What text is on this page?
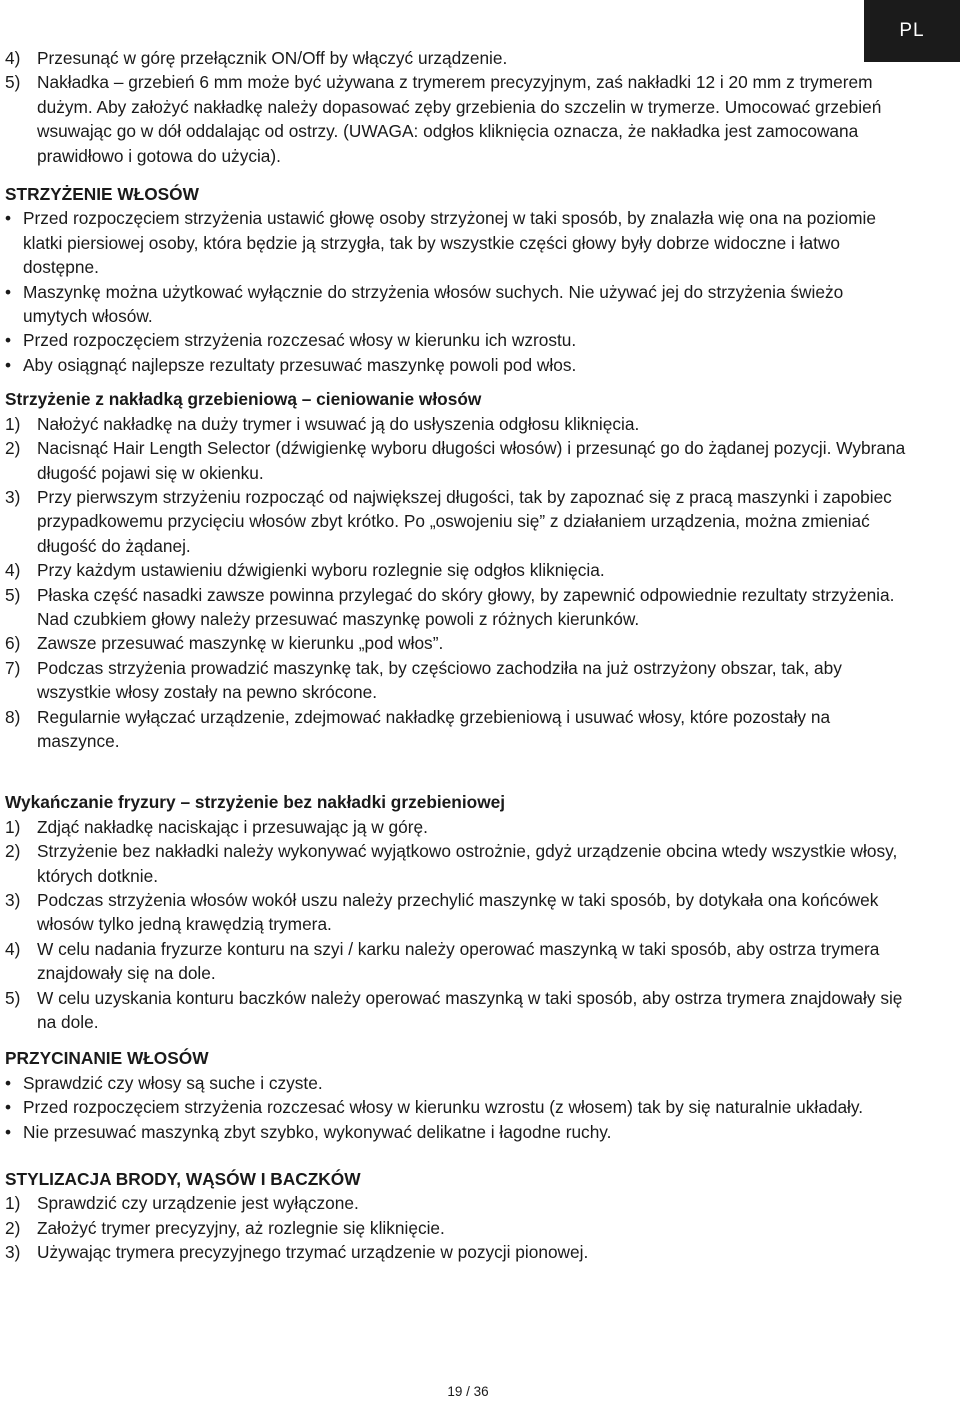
PL
4) Przesunąć w górę przełącznik ON/Off by włączyć urządzenie.
5) Nakładka – grzebień 6 mm może być używana z trymerem precyzyjnym, zaś nakładki 12 i 20 mm z trymerem dużym. Aby założyć nakładkę należy dopasować zęby grzebienia do szczelin w trymerze. Umocować grzebień wsuwając go w dół oddalając od ostrzy. (UWAGA: odgłos kliknięcia oznacza, że nakładka jest zamocowana prawidłowo i gotowa do użycia).

STRZYŻENIE WŁOSÓW

• Przed rozpoczęciem strzyżenia ustawić głowę osoby strzyżonej w taki sposób, by znalazła wię ona na poziomie klatki piersiowej osoby, która będzie ją strzygła, tak by wszystkie części głowy były dobrze widoczne i łatwo dostępne.
• Maszynkę można użytkować wyłącznie do strzyżenia włosów suchych. Nie używać jej do strzyżenia świeżo umytych włosów.
• Przed rozpoczęciem strzyżenia rozczesać włosy w kierunku ich wzrostu.
• Aby osiągnąć najlepsze rezultaty przesuwać maszynkę powoli pod włos.

Strzyżenie z nakładką grzebieniową – cieniowanie włosów

1) Nałożyć nakładkę na duży trymer i wsuwać ją do usłyszenia odgłosu kliknięcia.
2) Nacisnąć Hair Length Selector (dźwigienkę wyboru długości włosów) i przesunąć go do żądanej pozycji. Wybrana długość pojawi się w okienku.
3) Przy pierwszym strzyżeniu rozpocząć od największej długości, tak by zapoznać się z pracą maszynki i zapobiec przypadkowemu przycięciu włosów zbyt krótko. Po „oswojeniu się” z działaniem urządzenia, można zmieniać długość do żądanej.
4) Przy każdym ustawieniu dźwigienki wyboru rozlegnie się odgłos kliknięcia.
5) Płaska część nasadki zawsze powinna przylegać do skóry głowy, by zapewnić odpowiednie rezultaty strzyżenia. Nad czubkiem głowy należy przesuwać maszynkę powoli z różnych kierunków.
6) Zawsze przesuwać maszynkę w kierunku „pod włos”.
7) Podczas strzyżenia prowadzić maszynkę tak, by częściowo zachodziła na już ostrzyżony obszar, tak, aby wszystkie włosy zostały na pewno skrócone.
8) Regularnie wyłączać urządzenie, zdejmować nakładkę grzebieniową i usuwać włosy, które pozostały na maszynce.

Wykańczanie fryzury – strzyżenie bez nakładki grzebieniowej

1) Zdjąć nakładkę naciskając i przesuwając ją w górę.
2) Strzyżenie bez nakładki należy wykonywać wyjątkowo ostrożnie, gdyż urządzenie obcina wtedy wszystkie włosy, których dotknie.
3) Podczas strzyżenia włosów wokół uszu należy przechylić maszynkę w taki sposób, by dotykała ona końcówek włosów tylko jedną krawędzią trymera.
4) W celu nadania fryzurze konturu na szyi / karku należy operować maszynką w taki sposób, aby ostrza trymera znajdowały się na dole.
5) W celu uzyskania konturu baczków należy operować maszynką w taki sposób, aby ostrza trymera znajdowały się na dole.

PRZYCINANIE WŁOSÓW

• Sprawdzić czy włosy są suche i czyste.
• Przed rozpoczęciem strzyżenia rozczesać włosy w kierunku wzrostu (z włosem) tak by się naturalnie układały.
• Nie przesuwać maszynką zbyt szybko, wykonywać delikatne i łagodne ruchy.

STYLIZACJA BRODY, WĄSÓW I BACZKÓW

1) Sprawdzić czy urządzenie jest wyłączone.
2) Założyć trymer precyzyjny, aż rozlegnie się kliknięcie.
3) Używając trymera precyzyjnego trzymać urządzenie w pozycji pionowej.
19 / 36
